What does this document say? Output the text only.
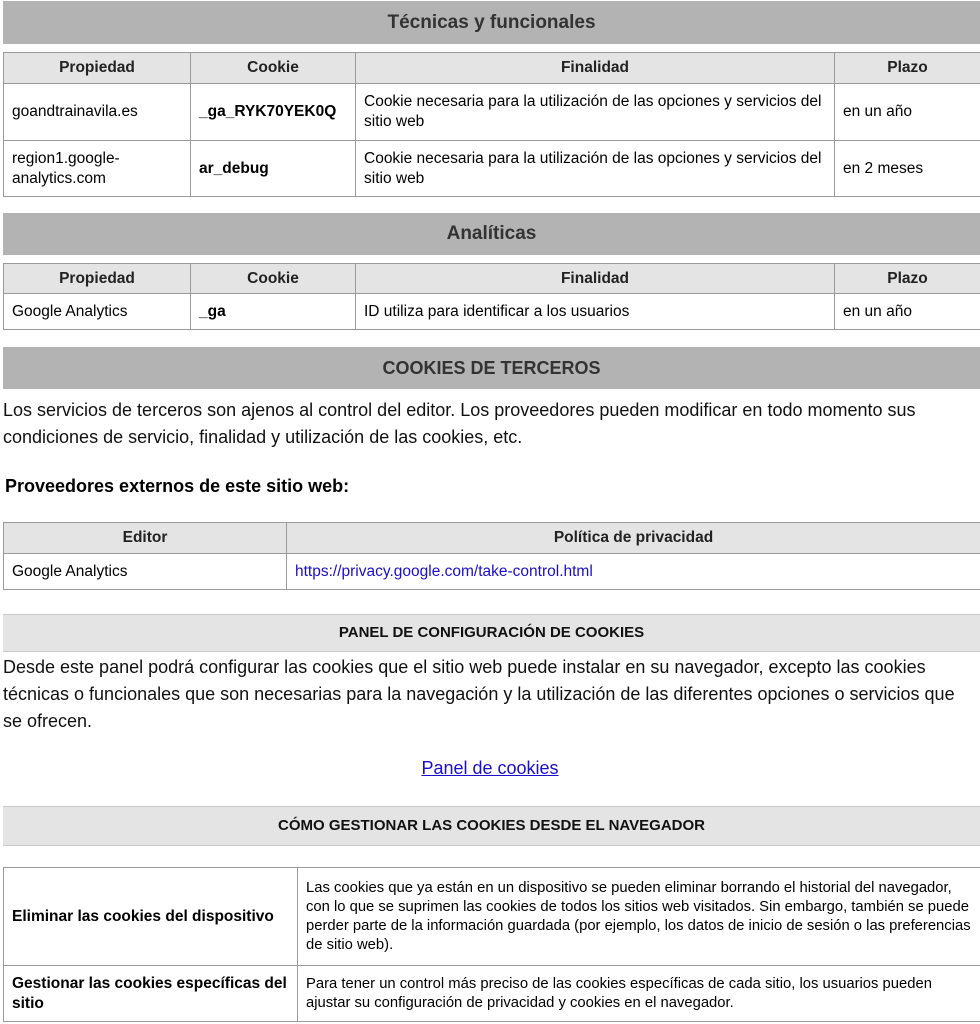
Técnicas y funcionales
Propiedad	Cookie	Finalidad	Plazo
goandtrainavila.es	_ga_RYK70YEK0Q	Cookie necesaria para la utilización de las opciones y servicios del sitio web	en un año
region1.google-analytics.com	ar_debug	Cookie necesaria para la utilización de las opciones y servicios del sitio web	en 2 meses
Analíticas
Propiedad	Cookie	Finalidad	Plazo
Google Analytics	_ga	ID utiliza para identificar a los usuarios	en un año
COOKIES DE TERCEROS
Los servicios de terceros son ajenos al control del editor. Los proveedores pueden modificar en todo momento sus condiciones de servicio, finalidad y utilización de las cookies, etc.
Proveedores externos de este sitio web:
Editor	Política de privacidad
Google Analytics	https://privacy.google.com/take-control.html
PANEL DE CONFIGURACIÓN DE COOKIES
Desde este panel podrá configurar las cookies que el sitio web puede instalar en su navegador, excepto las cookies técnicas o funcionales que son necesarias para la navegación y la utilización de las diferentes opciones o servicios que se ofrecen.
Panel de cookies
CÓMO GESTIONAR LAS COOKIES DESDE EL NAVEGADOR
Eliminar las cookies del dispositivo	Las cookies que ya están en un dispositivo se pueden eliminar borrando el historial del navegador, con lo que se suprimen las cookies de todos los sitios web visitados. Sin embargo, también se puede perder parte de la información guardada (por ejemplo, los datos de inicio de sesión o las preferencias de sitio web).
Gestionar las cookies específicas del sitio	Para tener un control más preciso de las cookies específicas de cada sitio, los usuarios pueden ajustar su configuración de privacidad y cookies en el navegador.
